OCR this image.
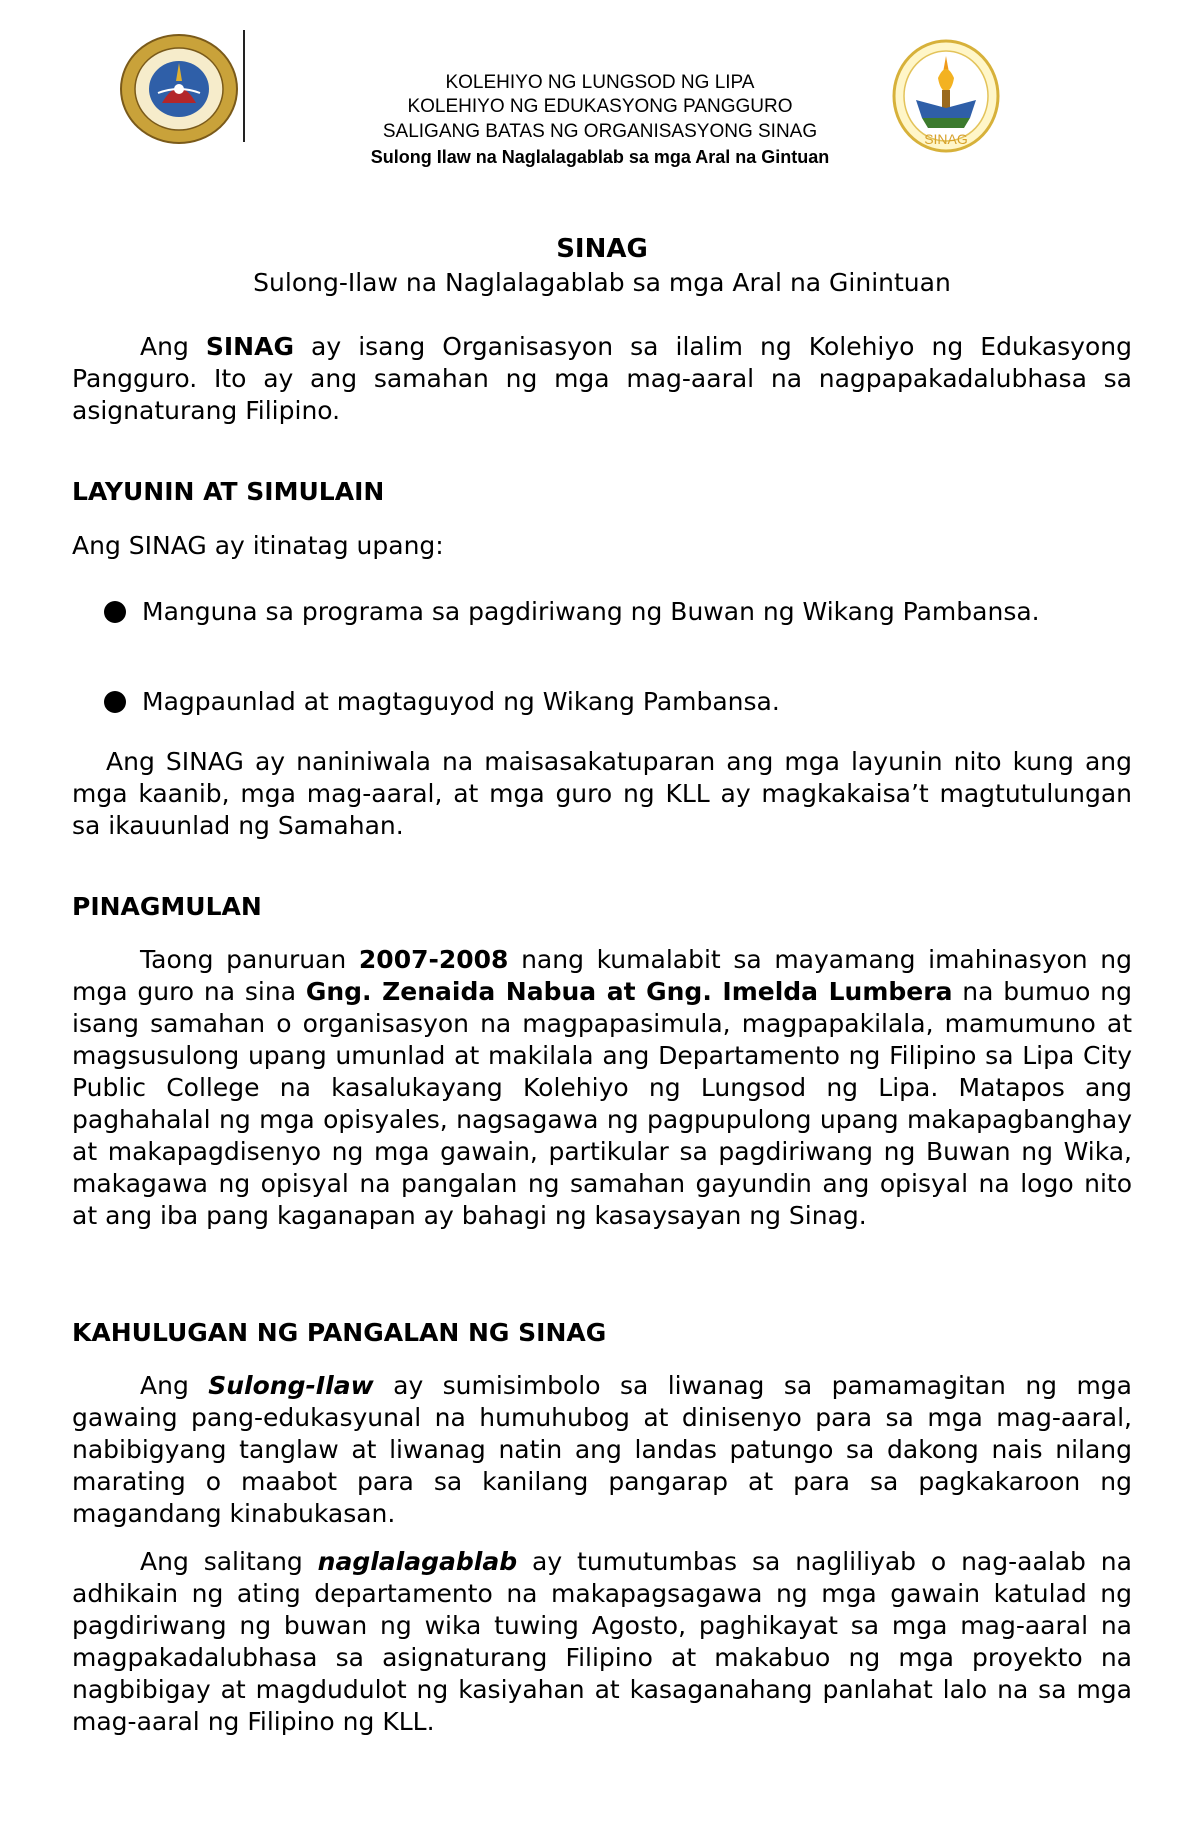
SINAG
KOLEHIYO NG LUNGSOD NG LIPA
KOLEHIYO NG EDUKASYONG PANGGURO
SALIGANG BATAS NG ORGANISASYONG SINAG
Sulong Ilaw na Naglalagablab sa mga Aral na Gintuan
SINAG
Sulong-Ilaw na Naglalagablab sa mga Aral na Ginintuan

Ang SINAG ay isang Organisasyon sa ilalim ng Kolehiyo ng Edukasyong Pangguro. Ito ay ang samahan ng mga mag-aaral na nagpapakadalubhasa sa asignaturang Filipino.

LAYUNIN AT SIMULAIN

Ang SINAG ay itinatag upang:

Manguna sa programa sa pagdiriwang ng Buwan ng Wikang Pambansa.

Magpaunlad at magtaguyod ng Wikang Pambansa.

Ang SINAG ay naniniwala na maisasakatuparan ang mga layunin nito kung ang mga kaanib, mga mag-aaral, at mga guro ng KLL ay magkakaisa’t magtutulungan sa ikauunlad ng Samahan.

PINAGMULAN

Taong panuruan 2007-2008 nang kumalabit sa mayamang imahinasyon ng mga guro na sina Gng. Zenaida Nabua at Gng. Imelda Lumbera na bumuo ng isang samahan o organisasyon na magpapasimula, magpapakilala, mamumuno at magsusulong upang umunlad at makilala ang Departamento ng Filipino sa Lipa City Public College na kasalukayang Kolehiyo ng Lungsod ng Lipa. Matapos ang paghahalal ng mga opisyales, nagsagawa ng pagpupulong upang makapagbanghay at makapagdisenyo ng mga gawain, partikular sa pagdiriwang ng Buwan ng Wika, makagawa ng opisyal na pangalan ng samahan gayundin ang opisyal na logo nito at ang iba pang kaganapan ay bahagi ng kasaysayan ng Sinag.

KAHULUGAN NG PANGALAN NG SINAG

Ang Sulong-Ilaw ay sumisimbolo sa liwanag sa pamamagitan ng mga gawaing pang-edukasyunal na humuhubog at dinisenyo para sa mga mag-aaral, nabibigyang tanglaw at liwanag natin ang landas patungo sa dakong nais nilang marating o maabot para sa kanilang pangarap at para sa pagkakaroon ng magandang kinabukasan.

Ang salitang naglalagablab ay tumutumbas sa nagliliyab o nag-aalab na adhikain ng ating departamento na makapagsagawa ng mga gawain katulad ng pagdiriwang ng buwan ng wika tuwing Agosto, paghikayat sa mga mag-aaral na magpakadalubhasa sa asignaturang Filipino at makabuo ng mga proyekto na nagbibigay at magdudulot ng kasiyahan at kasaganahang panlahat lalo na sa mga mag-aaral ng Filipino ng KLL.
